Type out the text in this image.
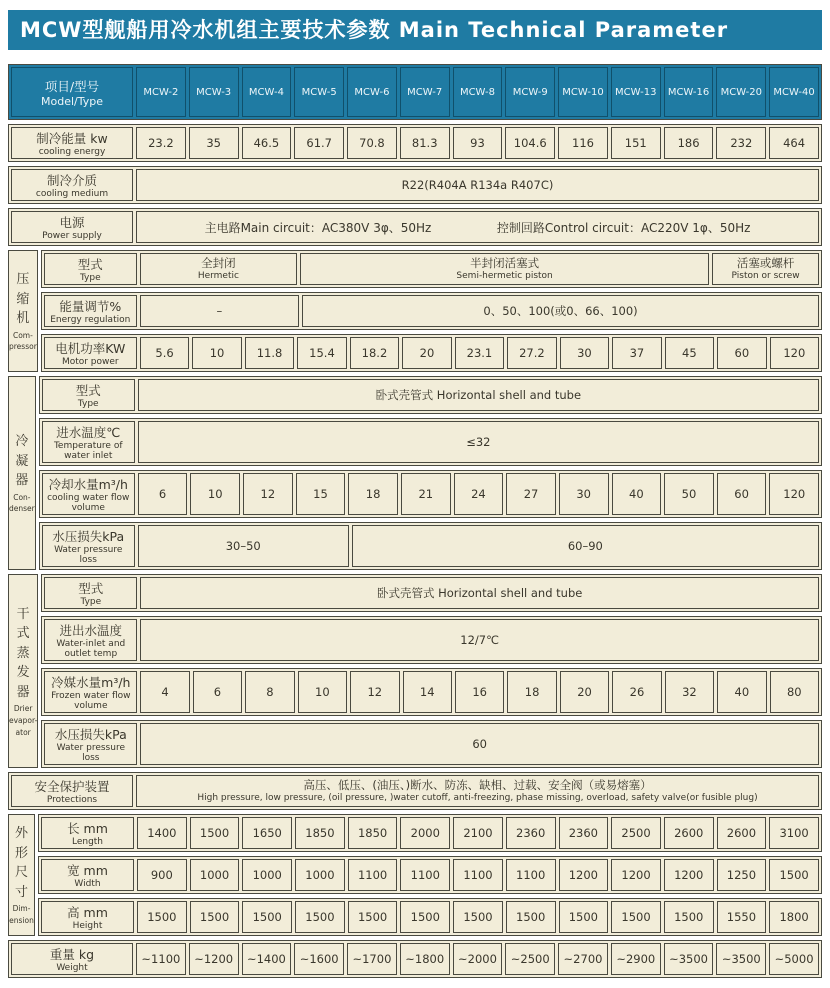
MCW型舰船用冷水机组主要技术参数 Main Technical Parameter
项目/型号
Model/Type
MCW-2 MCW-3 MCW-4 MCW-5 MCW-6 MCW-7 MCW-8 MCW-9 MCW-10 MCW-13 MCW-16 MCW-20 MCW-40
制冷能量 kw
cooling energy
23.2	35	46.5 61.7 70.8 81.3	93	104.6 116	151	186	232	464
制冷介质
cooling medium
R22(R404A R134a R407C)
电源
Power supply
主电路Main circuit：AC380V 3φ、50Hz	控制回路Control circuit：AC220V 1φ、50Hz
压缩机
Com-
pressor
型式
Type
全封闭
Hermetic
半封闭活塞式
Semi-hermetic piston
活塞或螺杆
Piston or screw
能量调节%
Energy regulation
–	0、50、100(或0、66、100)
电机功率KW
Motor power
5.6	10	11.8 15.4 18.2	20	23.1 27.2	30	37	45	60	120
冷凝器
Con-
denser
型式
Type
卧式壳管式 Horizontal shell and tube
进水温度℃
Temperature of water inlet
≤32
冷却水量m³/h
cooling water flow volume
6	10	12	15	18	21	24	27	30	40	50	60	120
水压损失kPa
Water pressure loss
30–50	60–90
干式蒸发器
Drier
evapor-
ator
型式
Type
卧式壳管式 Horizontal shell and tube
进出水温度
Water-inlet and outlet temp
12/7℃
冷媒水量m³/h
Frozen water flow volume
4	6	8	10	12	14	16	18	20	26	32	40	80
水压损失kPa
Water pressure loss
60
安全保护装置
Protections
高压、低压、(油压、)断水、防冻、缺相、过载、安全阀（或易熔塞）
High pressure, low pressure, (oil pressure, )water cutoff, anti-freezing, phase missing, overload, safety valve(or fusible plug)
外形尺寸
Dim-
ension
长 mm
Length
1400 1500 1650 1850 1850 2000 2100 2360 2360 2500 2600 2600 3100
宽 mm
Width
900 1000 1000 1000 1100 1100 1100 1100 1200 1200 1200 1250 1500
高 mm
Height
1500 1500 1500 1500 1500 1500 1500 1500 1500 1500 1500 1550 1800
重量 kg
Weight
~1100 ~1200 ~1400 ~1600 ~1700 ~1800 ~2000 ~2500 ~2700 ~2900 ~3500 ~3500 ~5000
